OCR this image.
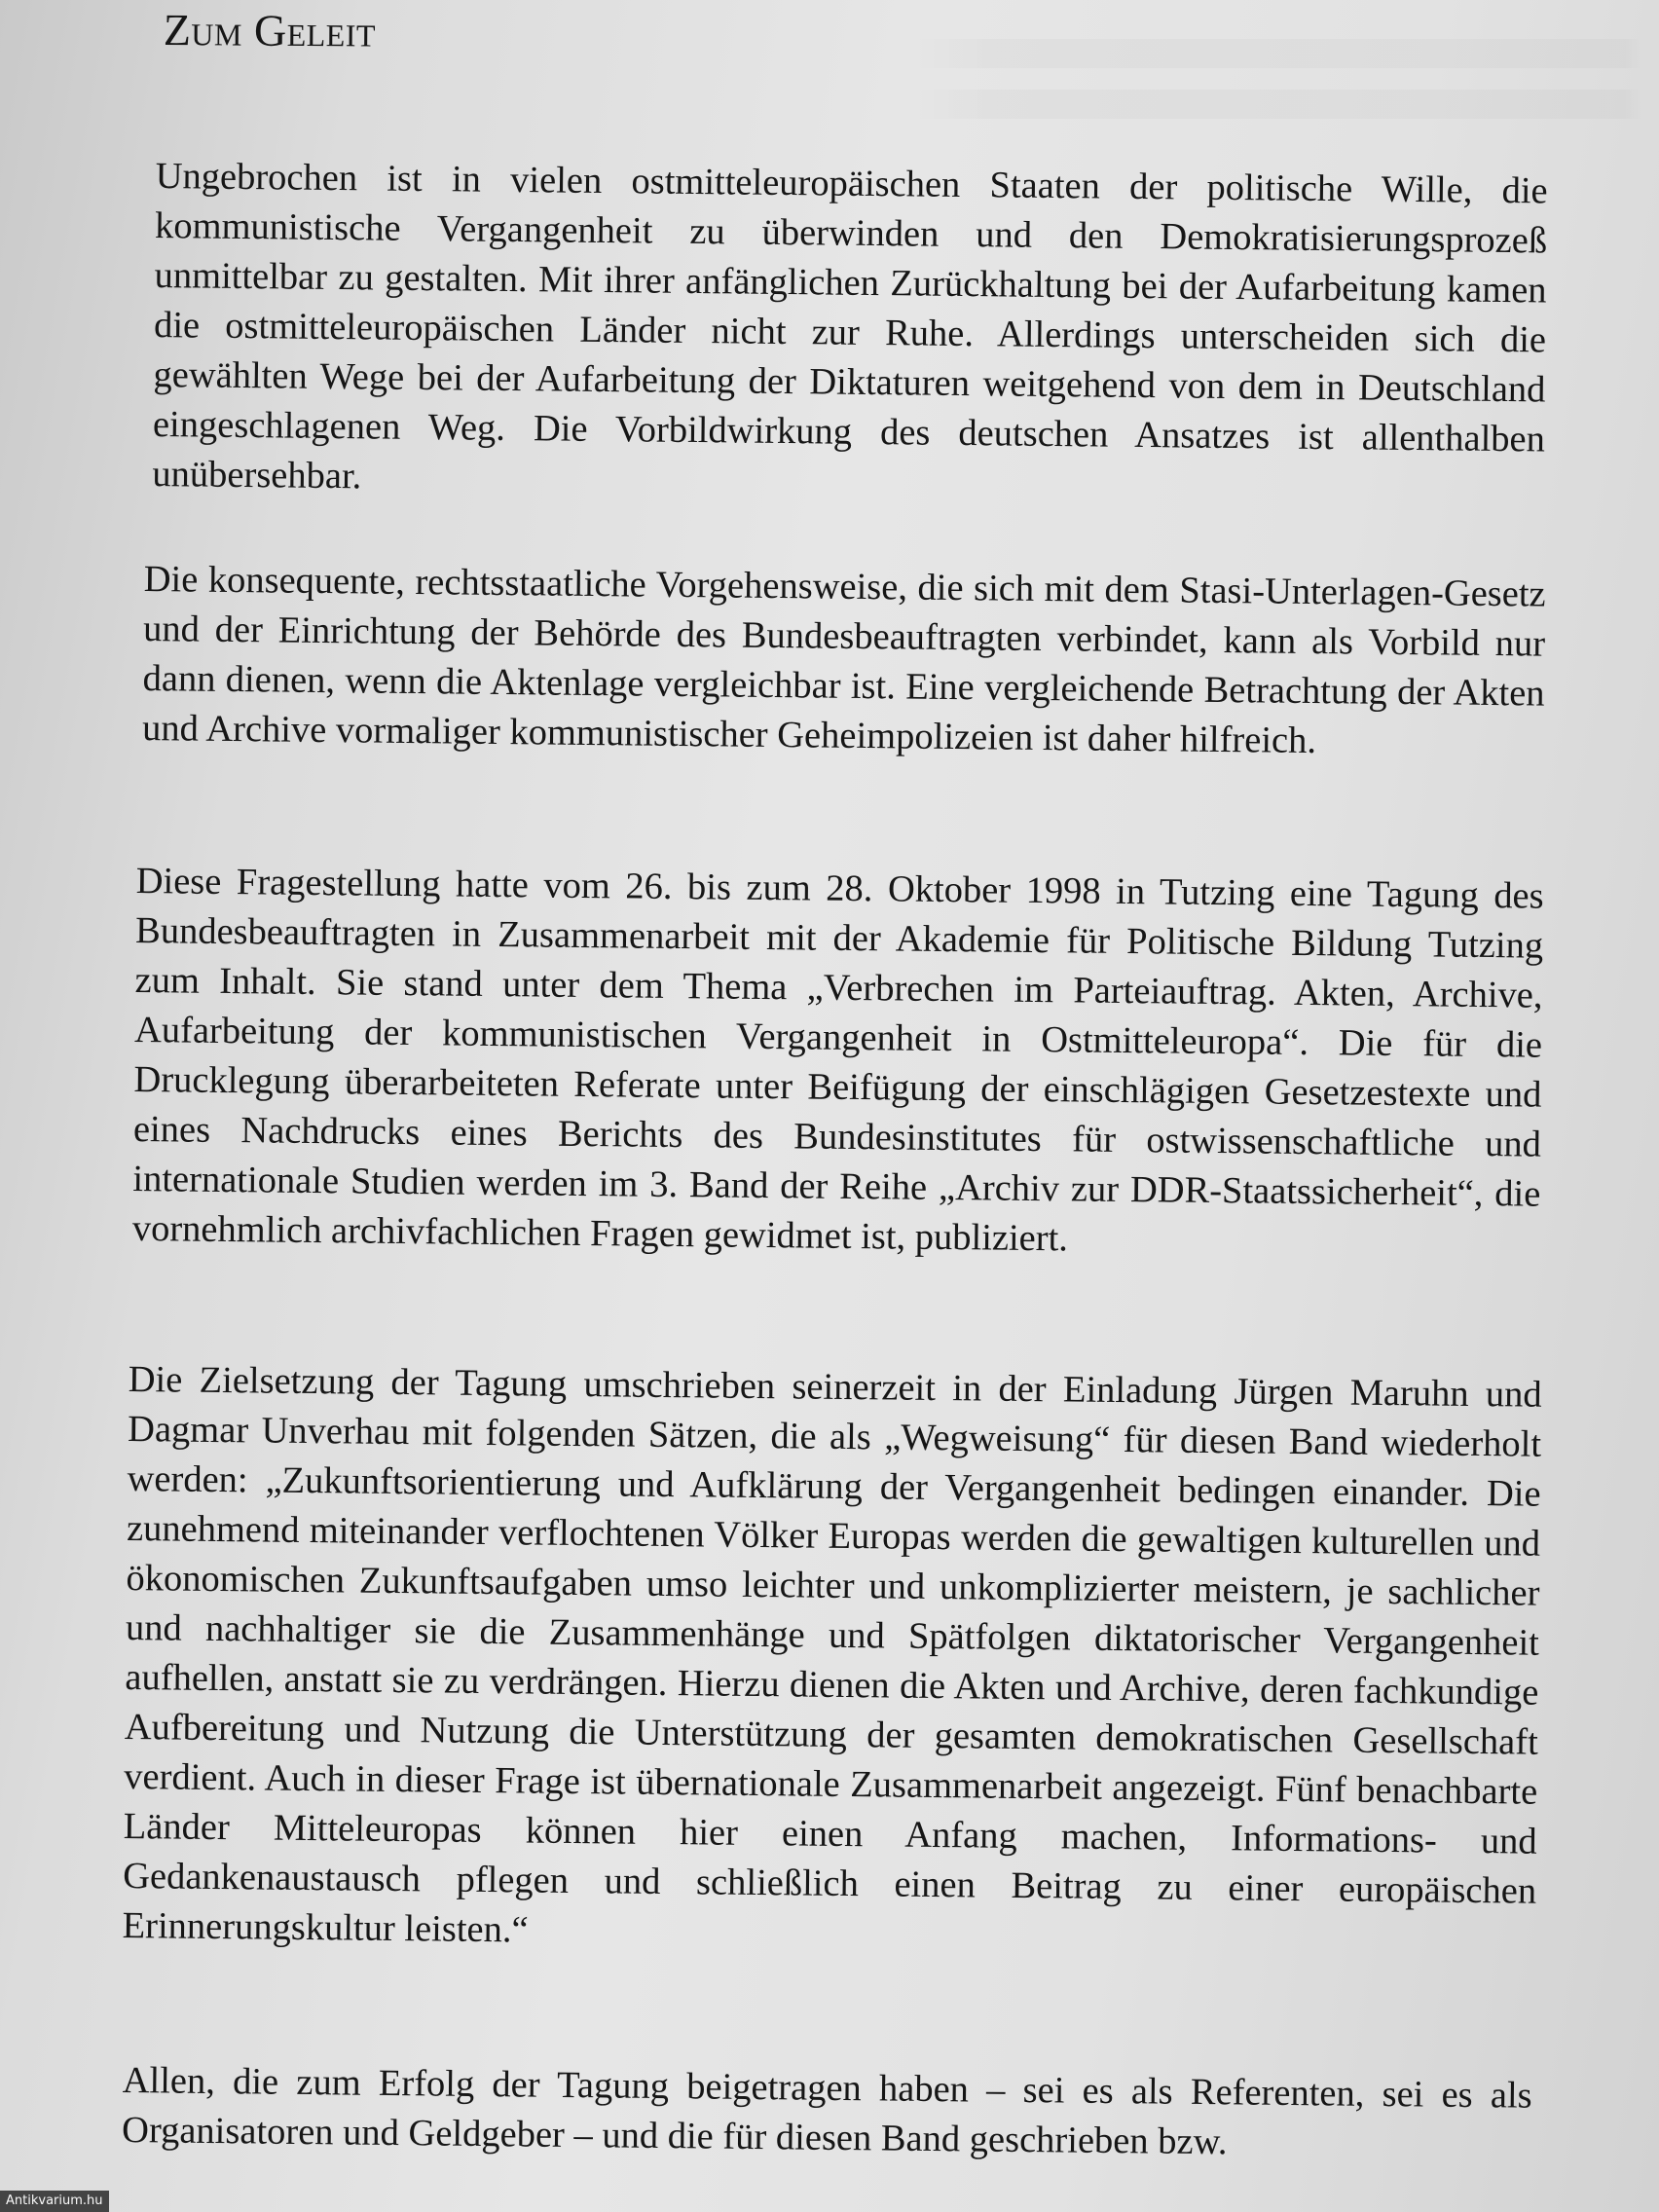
Zum Geleit

Ungebrochen ist in vielen ostmitteleuropäischen Staaten der politische Wille, die kommunistische Vergangenheit zu überwinden und den Demokratisierungsprozeß unmittelbar zu gestalten. Mit ihrer anfänglichen Zurückhaltung bei der Aufarbeitung kamen die ostmitteleuropäischen Länder nicht zur Ruhe. Allerdings unterscheiden sich die gewählten Wege bei der Aufarbeitung der Diktaturen weitgehend von dem in Deutschland eingeschlagenen Weg. Die Vorbildwirkung des deutschen Ansatzes ist allenthalben unübersehbar.

Die konsequente, rechtsstaatliche Vorgehensweise, die sich mit dem Stasi-Unterlagen-Gesetz und der Einrichtung der Behörde des Bundesbeauftragten verbindet, kann als Vorbild nur dann dienen, wenn die Aktenlage vergleichbar ist. Eine vergleichende Betrachtung der Akten und Archive vormaliger kommunistischer Geheimpolizeien ist daher hilfreich.

Diese Fragestellung hatte vom 26. bis zum 28. Oktober 1998 in Tutzing eine Tagung des Bundesbeauftragten in Zusammenarbeit mit der Akademie für Politische Bildung Tutzing zum Inhalt. Sie stand unter dem Thema „Verbrechen im Parteiauftrag. Akten, Archive, Aufarbeitung der kommunistischen Vergangenheit in Ostmitteleuropa“. Die für die Drucklegung überarbeiteten Referate unter Beifügung der einschlägigen Gesetzestexte und eines Nachdrucks eines Berichts des Bundesinstitutes für ostwissenschaftliche und internationale Studien werden im 3. Band der Reihe „Archiv zur DDR-Staatssicherheit“, die vornehmlich archivfachlichen Fragen gewidmet ist, publiziert.

Die Zielsetzung der Tagung umschrieben seinerzeit in der Einladung Jürgen Maruhn und Dagmar Unverhau mit folgenden Sätzen, die als „Wegweisung“ für diesen Band wiederholt werden: „Zukunftsorientierung und Aufklärung der Vergangenheit bedingen einander. Die zunehmend miteinander verflochtenen Völker Europas werden die gewaltigen kulturellen und ökonomischen Zukunftsaufgaben umso leichter und unkomplizierter meistern, je sachlicher und nachhaltiger sie die Zusammenhänge und Spätfolgen diktatorischer Vergangenheit aufhellen, anstatt sie zu verdrängen. Hierzu dienen die Akten und Archive, deren fachkundige Aufbereitung und Nutzung die Unterstützung der gesamten demokratischen Gesellschaft verdient. Auch in dieser Frage ist übernationale Zusammenarbeit angezeigt. Fünf benachbarte Länder Mitteleuropas können hier einen Anfang machen, Informations- und Gedankenaustausch pflegen und schließlich einen Beitrag zu einer europäischen Erinnerungskultur leisten.“

Allen, die zum Erfolg der Tagung beigetragen haben – sei es als Referenten, sei es als Organisatoren und Geldgeber – und die für diesen Band geschrieben bzw.

Antikvarium.hu
